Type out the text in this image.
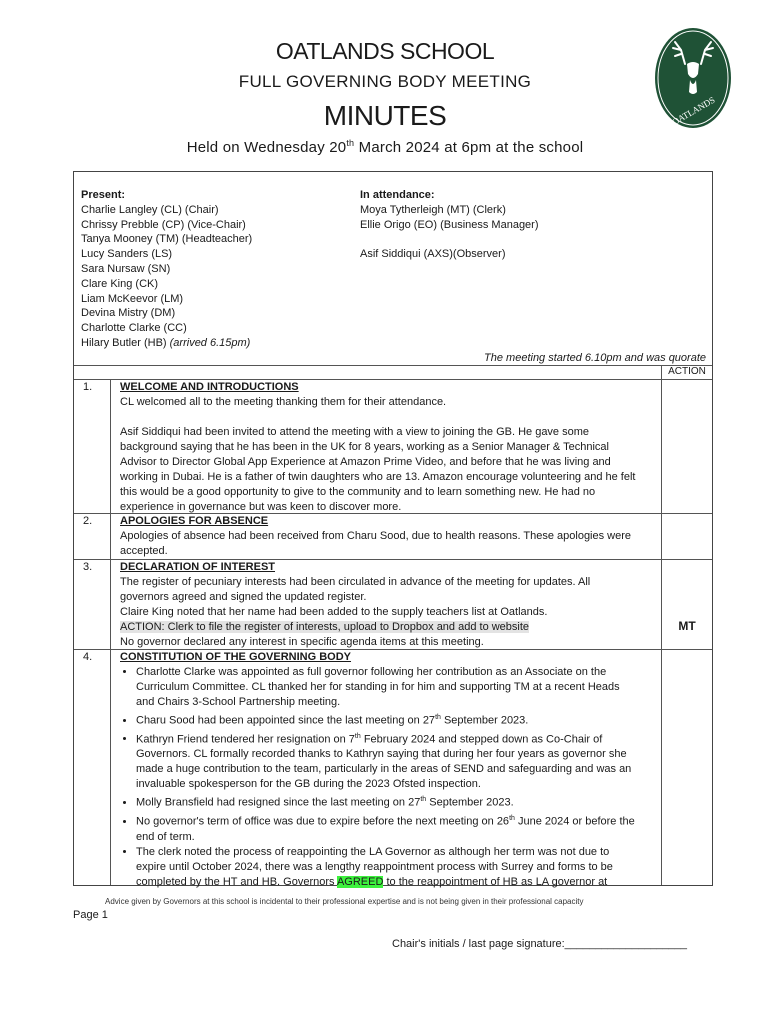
OATLANDS SCHOOL
FULL GOVERNING BODY MEETING
MINUTES
Held on Wednesday 20th March 2024 at 6pm at the school
OATLANDS
Present:
Charlie Langley (CL) (Chair)
Chrissy Prebble (CP) (Vice-Chair)
Tanya Mooney (TM) (Headteacher)
Lucy Sanders (LS)
Sara Nursaw (SN)
Clare King (CK)
Liam McKeevor (LM)
Devina Mistry (DM)
Charlotte Clarke (CC)
Hilary Butler (HB) (arrived 6.15pm)
In attendance:
Moya Tytherleigh (MT) (Clerk)
Ellie Origo (EO) (Business Manager)

Asif Siddiqui (AXS)(Observer)
The meeting started 6.10pm and was quorate
ACTION
1.	WELCOME AND INTRODUCTIONS

CL welcomed all to the meeting thanking them for their attendance.

Asif Siddiqui had been invited to attend the meeting with a view to joining the GB. He gave some background saying that he has been in the UK for 8 years, working as a Senior Manager & Technical Advisor to Director Global App Experience at Amazon Prime Video, and before that he was living and working in Dubai. He is a father of twin daughters who are 13. Amazon encourage volunteering and he felt this would be a good opportunity to give to the community and to learn something new. He had no experience in governance but was keen to discover more.

2.	APOLOGIES FOR ABSENCE

Apologies of absence had been received from Charu Sood, due to health reasons. These apologies were accepted.

3.	DECLARATION OF INTEREST

The register of pecuniary interests had been circulated in advance of the meeting for updates. All governors agreed and signed the updated register.

Claire King noted that her name had been added to the supply teachers list at Oatlands.

ACTION: Clerk to file the register of interests, upload to Dropbox and add to website

No governor declared any interest in specific agenda items at this meeting.

MT
4.	CONSTITUTION OF THE GOVERNING BODY

• Charlotte Clarke was appointed as full governor following her contribution as an Associate on the Curriculum Committee. CL thanked her for standing in for him and supporting TM at a recent Heads and Chairs 3-School Partnership meeting.
• Charu Sood had been appointed since the last meeting on 27th September 2023.
• Kathryn Friend tendered her resignation on 7th February 2024 and stepped down as Co-Chair of Governors. CL formally recorded thanks to Kathryn saying that during her four years as governor she made a huge contribution to the team, particularly in the areas of SEND and safeguarding and was an invaluable spokesperson for the GB during the 2023 Ofsted inspection.
• Molly Bransfield had resigned since the last meeting on 27th September 2023.
• No governor's term of office was due to expire before the next meeting on 26th June 2024 or before the end of term.
• The clerk noted the process of reappointing the LA Governor as although her term was not due to expire until October 2024, there was a lengthy reappointment process with Surrey and forms to be completed by the HT and HB. Governors AGREED to the reappointment of HB as LA governor at
Advice given by Governors at this school is incidental to their professional expertise and is not being given in their professional capacity
Page 1
Chair's initials / last page signature:____________________
